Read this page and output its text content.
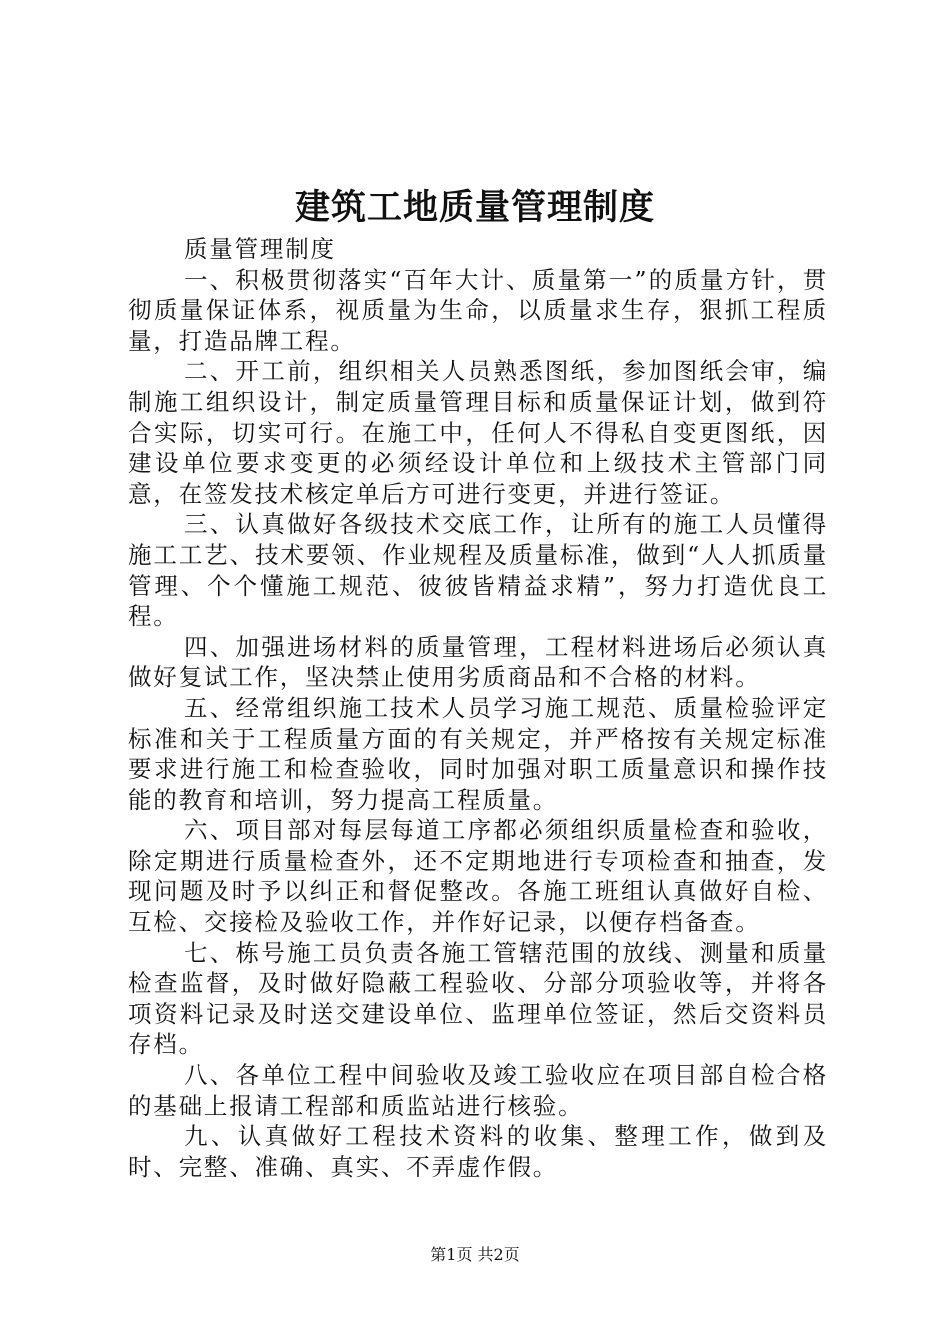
建筑工地质量管理制度

质量管理制度

一、积极贯彻落实“百年大计、质量第一”的质量方针，贯彻质量保证体系，视质量为生命，以质量求生存，狠抓工程质量，打造品牌工程。

二、开工前，组织相关人员熟悉图纸，参加图纸会审，编制施工组织设计，制定质量管理目标和质量保证计划，做到符合实际，切实可行。在施工中，任何人不得私自变更图纸，因建设单位要求变更的必须经设计单位和上级技术主管部门同意，在签发技术核定单后方可进行变更，并进行签证。

三、认真做好各级技术交底工作，让所有的施工人员懂得施工工艺、技术要领、作业规程及质量标准，做到“人人抓质量管理、个个懂施工规范、彼彼皆精益求精”，努力打造优良工程。

四、加强进场材料的质量管理，工程材料进场后必须认真做好复试工作，坚决禁止使用劣质商品和不合格的材料。

五、经常组织施工技术人员学习施工规范、质量检验评定标准和关于工程质量方面的有关规定，并严格按有关规定标准要求进行施工和检查验收，同时加强对职工质量意识和操作技能的教育和培训，努力提高工程质量。

六、项目部对每层每道工序都必须组织质量检查和验收，除定期进行质量检查外，还不定期地进行专项检查和抽查，发现问题及时予以纠正和督促整改。各施工班组认真做好自检、互检、交接检及验收工作，并作好记录，以便存档备查。

七、栋号施工员负责各施工管辖范围的放线、测量和质量检查监督，及时做好隐蔽工程验收、分部分项验收等，并将各项资料记录及时送交建设单位、监理单位签证，然后交资料员存档。

八、各单位工程中间验收及竣工验收应在项目部自检合格的基础上报请工程部和质监站进行核验。

九、认真做好工程技术资料的收集、整理工作，做到及时、完整、准确、真实、不弄虚作假。

第1页 共2页
